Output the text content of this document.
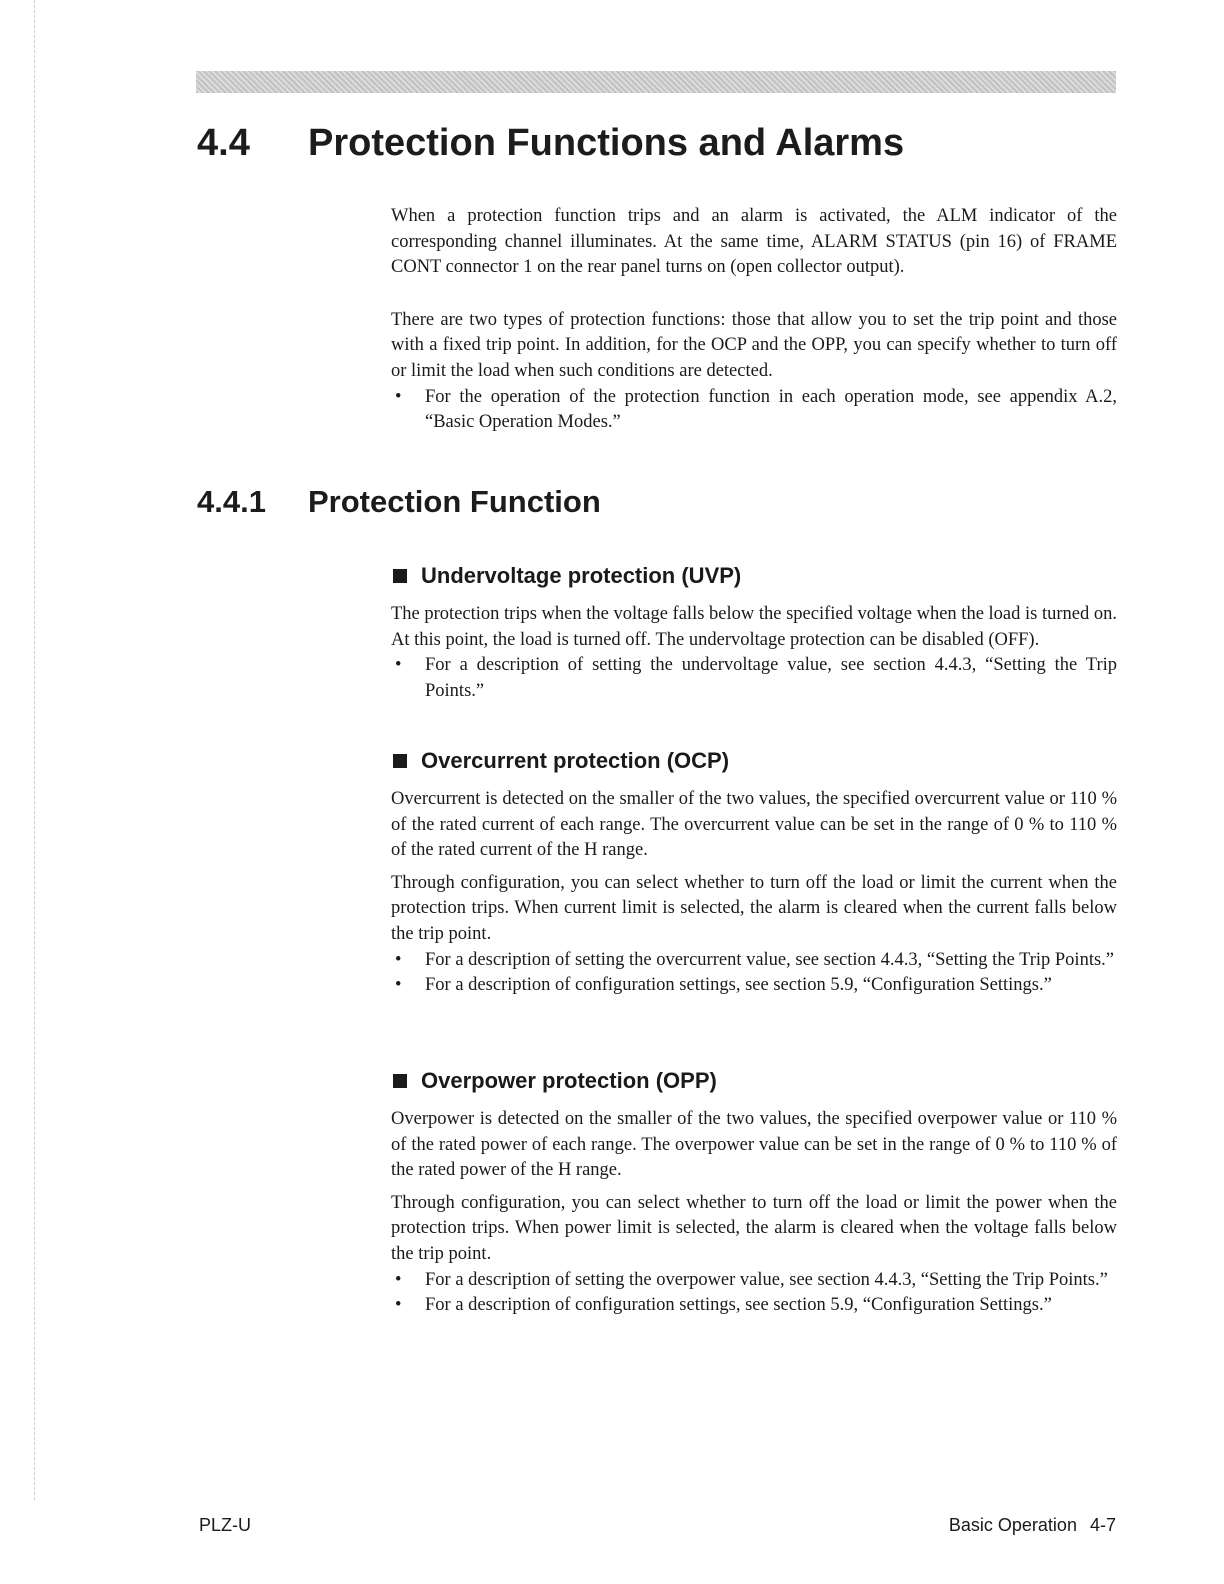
4.4 Protection Functions and Alarms

When a protection function trips and an alarm is activated, the ALM indicator of the corresponding channel illuminates. At the same time, ALARM STATUS (pin 16) of FRAME CONT connector 1 on the rear panel turns on (open collector output).

There are two types of protection functions: those that allow you to set the trip point and those with a fixed trip point. In addition, for the OCP and the OPP, you can specify whether to turn off or limit the load when such conditions are detected.

• For the operation of the protection function in each operation mode, see appendix A.2, “Basic Operation Modes.”
4.4.1 Protection Function
Undervoltage protection (UVP)

The protection trips when the voltage falls below the specified voltage when the load is turned on. At this point, the load is turned off. The undervoltage protection can be disabled (OFF).

• For a description of setting the undervoltage value, see section 4.4.3, “Setting the Trip Points.”
Overcurrent protection (OCP)

Overcurrent is detected on the smaller of the two values, the specified overcurrent value or 110 % of the rated current of each range. The overcurrent value can be set in the range of 0 % to 110 % of the rated current of the H range.

Through configuration, you can select whether to turn off the load or limit the current when the protection trips. When current limit is selected, the alarm is cleared when the current falls below the trip point.

• For a description of setting the overcurrent value, see section 4.4.3, “Setting the Trip Points.”
• For a description of configuration settings, see section 5.9, “Configuration Settings.”
Overpower protection (OPP)

Overpower is detected on the smaller of the two values, the specified overpower value or 110 % of the rated power of each range. The overpower value can be set in the range of 0 % to 110 % of the rated power of the H range.

Through configuration, you can select whether to turn off the load or limit the power when the protection trips. When power limit is selected, the alarm is cleared when the voltage falls below the trip point.

• For a description of setting the overpower value, see section 4.4.3, “Setting the Trip Points.”
• For a description of configuration settings, see section 5.9, “Configuration Settings.”
PLZ-U	Basic Operation 4-7
